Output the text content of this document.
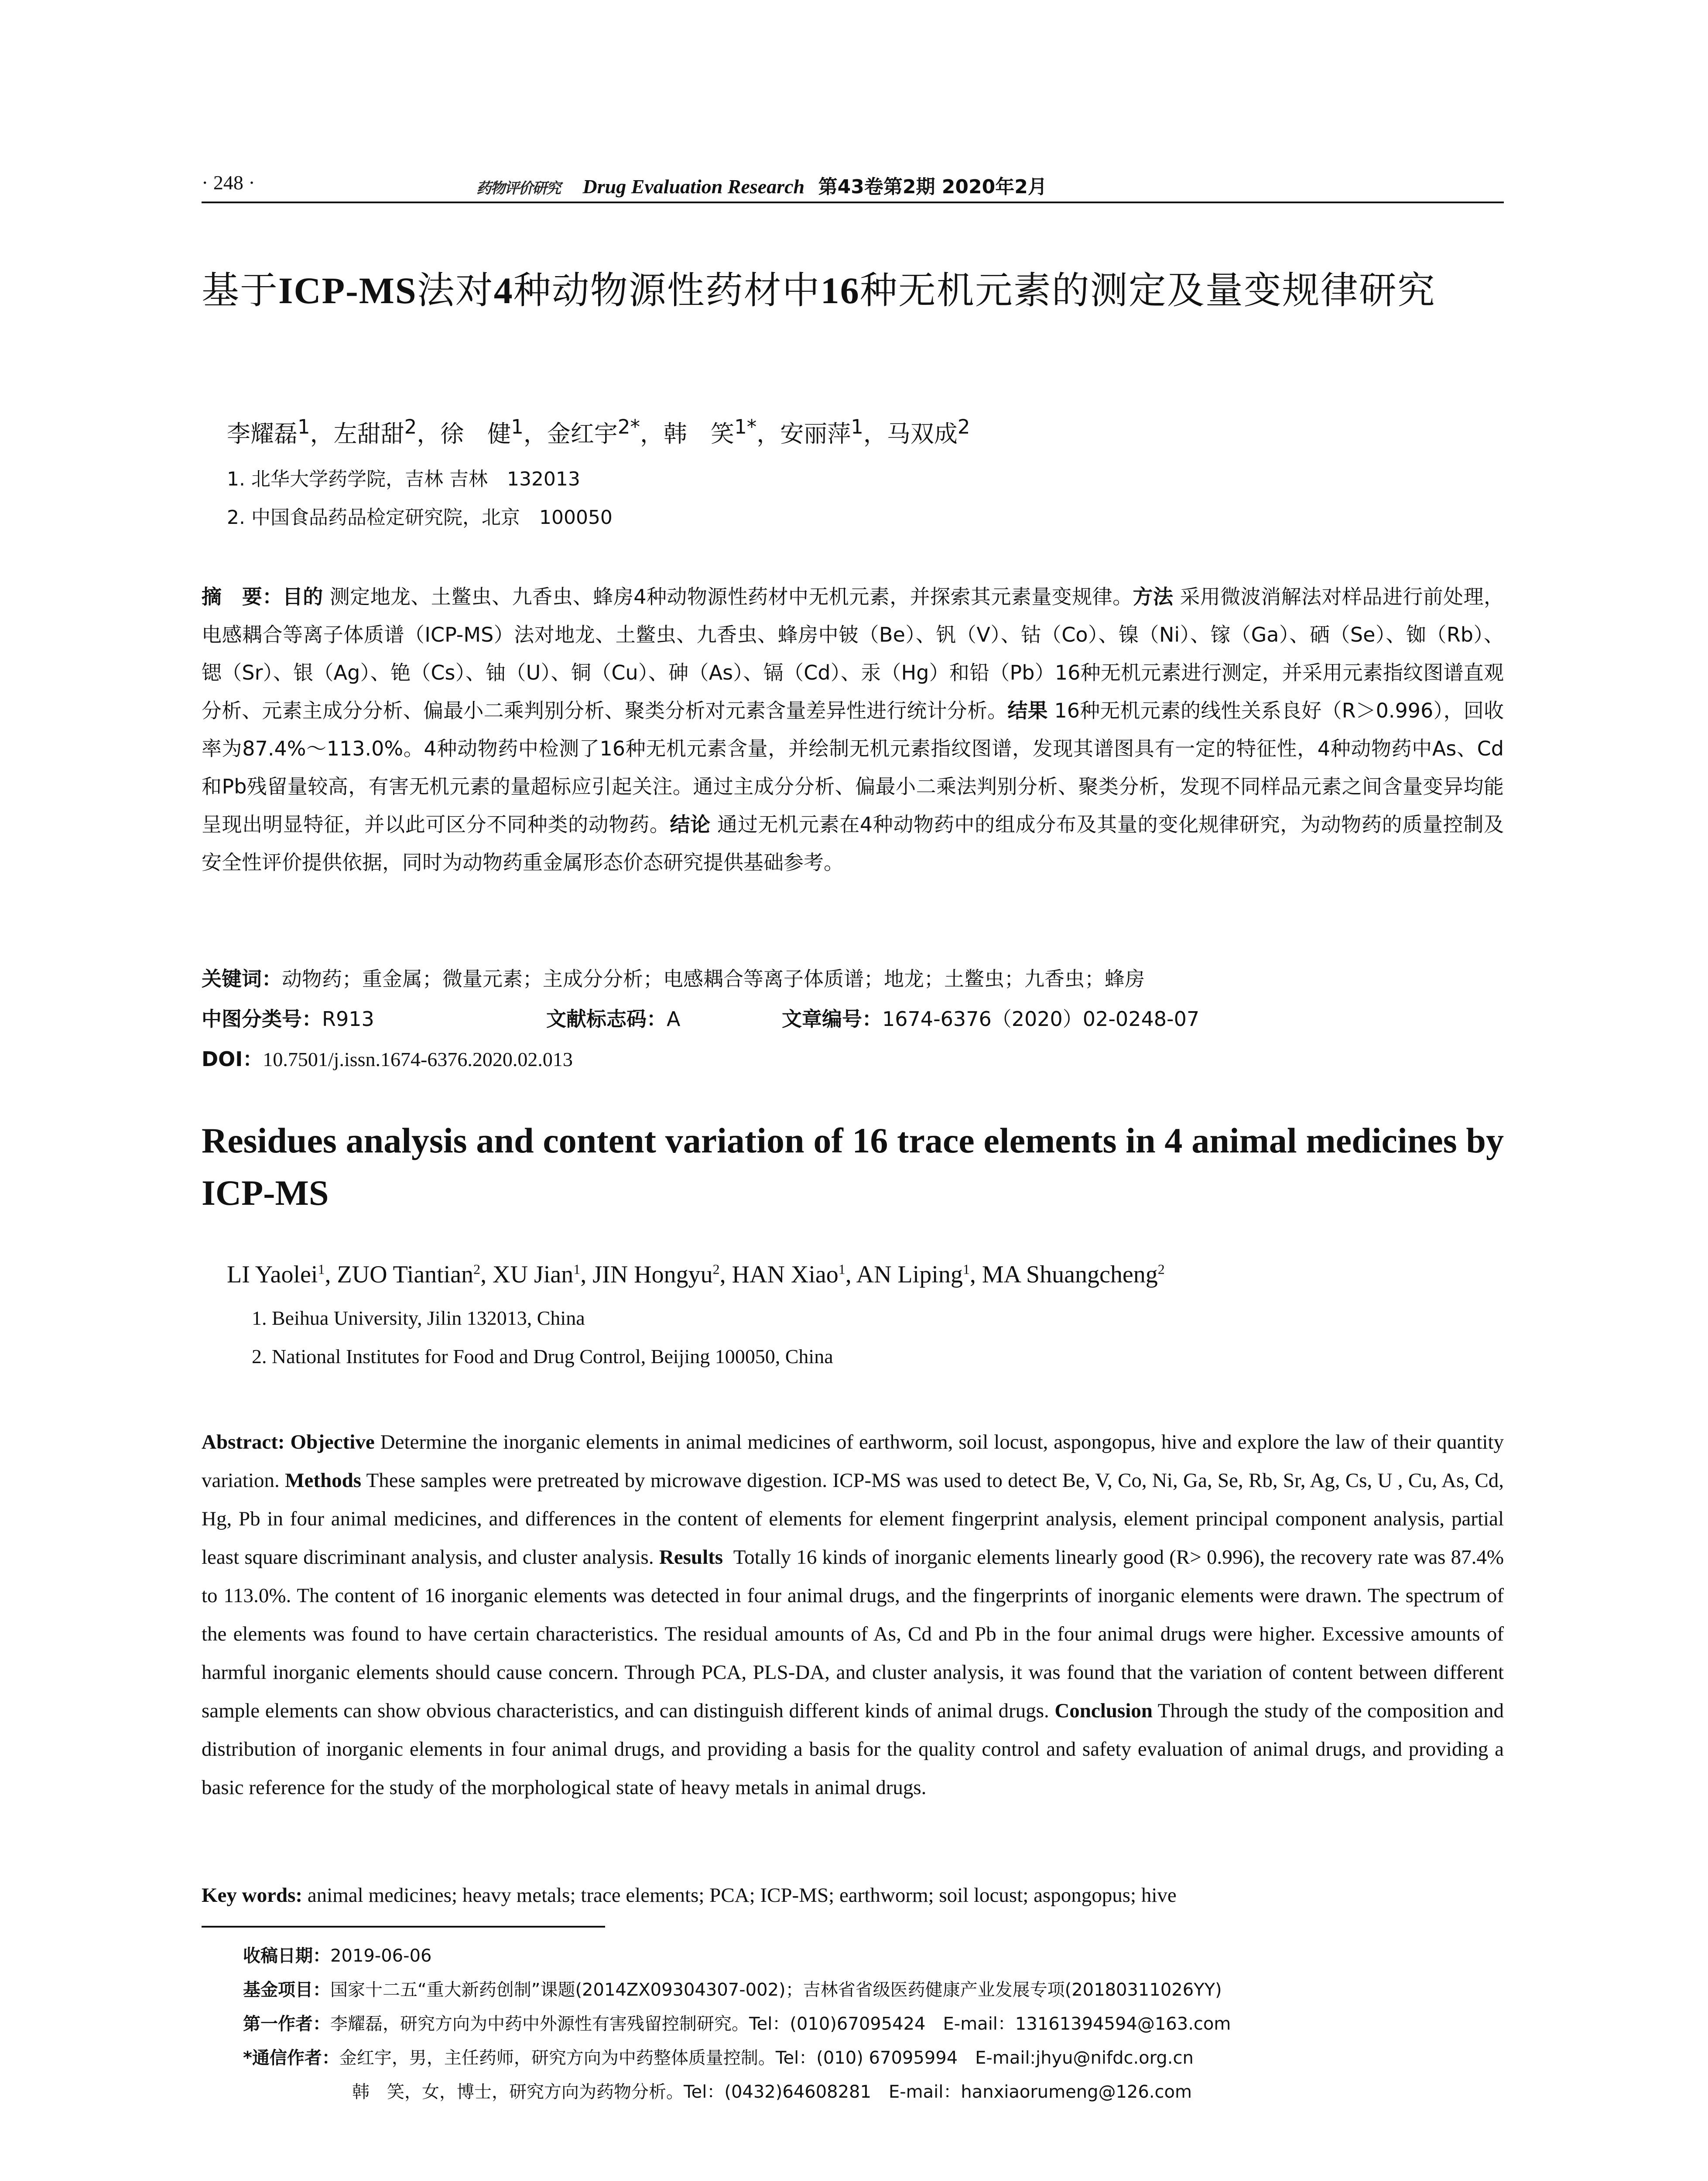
· 248 ·	药物评价研究 Drug Evaluation Research 第43卷第2期 2020年2月
基于ICP-MS法对4种动物源性药材中16种无机元素的测定及量变规律研究
李耀磊$^1$，左甜甜$^2$，徐　健$^1$，金红宇$^{2*}$，韩　笑$^{1*}$，安丽萍$^1$，马双成$^2$
1. 北华大学药学院，吉林 吉林　132013
2. 中国食品药品检定研究院，北京　100050
摘　要：目的 测定地龙、土鳖虫、九香虫、蜂房4种动物源性药材中无机元素，并探索其元素量变规律。方法 采用微波消解法对样品进行前处理，电感耦合等离子体质谱（ICP-MS）法对地龙、土鳖虫、九香虫、蜂房中铍（Be）、钒（V）、钴（Co）、镍（Ni）、镓（Ga）、硒（Se）、铷（Rb）、锶（Sr）、银（Ag）、铯（Cs）、铀（U）、铜（Cu）、砷（As）、镉（Cd）、汞（Hg）和铅（Pb）16种无机元素进行测定，并采用元素指纹图谱直观分析、元素主成分分析、偏最小二乘判别分析、聚类分析对元素含量差异性进行统计分析。结果 16种无机元素的线性关系良好（R＞0.996），回收率为87.4%～113.0%。4种动物药中检测了16种无机元素含量，并绘制无机元素指纹图谱，发现其谱图具有一定的特征性，4种动物药中As、Cd和Pb残留量较高，有害无机元素的量超标应引起关注。通过主成分分析、偏最小二乘法判别分析、聚类分析，发现不同样品元素之间含量变异均能呈现出明显特征，并以此可区分不同种类的动物药。结论 通过无机元素在4种动物药中的组成分布及其量的变化规律研究，为动物药的质量控制及安全性评价提供依据，同时为动物药重金属形态价态研究提供基础参考。
关键词：动物药；重金属；微量元素；主成分分析；电感耦合等离子体质谱；地龙；土鳖虫；九香虫；蜂房
中图分类号：R913	文献标志码：A	文章编号：1674-6376（2020）02-0248-07
DOI：10.7501/j.issn.1674-6376.2020.02.013
Residues analysis and content variation of 16 trace elements in 4 animal medicines by ICP-MS
LI Yaolei$^1$, ZUO Tiantian$^2$, XU Jian$^1$, JIN Hongyu$^2$, HAN Xiao$^1$, AN Liping$^1$, MA Shuangcheng$^2$
1. Beihua University, Jilin 132013, China
2. National Institutes for Food and Drug Control, Beijing 100050, China
Abstract: Objective Determine the inorganic elements in animal medicines of earthworm, soil locust, aspongopus, hive and explore the law of their quantity variation. Methods These samples were pretreated by microwave digestion. ICP-MS was used to detect Be, V, Co, Ni, Ga, Se, Rb, Sr, Ag, Cs, U , Cu, As, Cd, Hg, Pb in four animal medicines, and differences in the content of elements for element fingerprint analysis, element principal component analysis, partial least square discriminant analysis, and cluster analysis. Results Totally 16 kinds of inorganic elements linearly good (R> 0.996), the recovery rate was 87.4% to 113.0%. The content of 16 inorganic elements was detected in four animal drugs, and the fingerprints of inorganic elements were drawn. The spectrum of the elements was found to have certain characteristics. The residual amounts of As, Cd and Pb in the four animal drugs were higher. Excessive amounts of harmful inorganic elements should cause concern. Through PCA, PLS-DA, and cluster analysis, it was found that the variation of content between different sample elements can show obvious characteristics, and can distinguish different kinds of animal drugs. Conclusion Through the study of the composition and distribution of inorganic elements in four animal drugs, and providing a basis for the quality control and safety evaluation of animal drugs, and providing a basic reference for the study of the morphological state of heavy metals in animal drugs.
Key words: animal medicines; heavy metals; trace elements; PCA; ICP-MS; earthworm; soil locust; aspongopus; hive
收稿日期：2019-06-06
基金项目：国家十二五“重大新药创制”课题(2014ZX09304307-002)；吉林省省级医药健康产业发展专项(20180311026YY)
第一作者：李耀磊，研究方向为中药中外源性有害残留控制研究。Tel：(010)67095424　E-mail：13161394594@163.com
*通信作者：金红宇，男，主任药师，研究方向为中药整体质量控制。Tel：(010) 67095994　E-mail:jhyu@nifdc.org.cn
韩　笑，女，博士，研究方向为药物分析。Tel：(0432)64608281　E-mail：hanxiaorumeng@126.com
